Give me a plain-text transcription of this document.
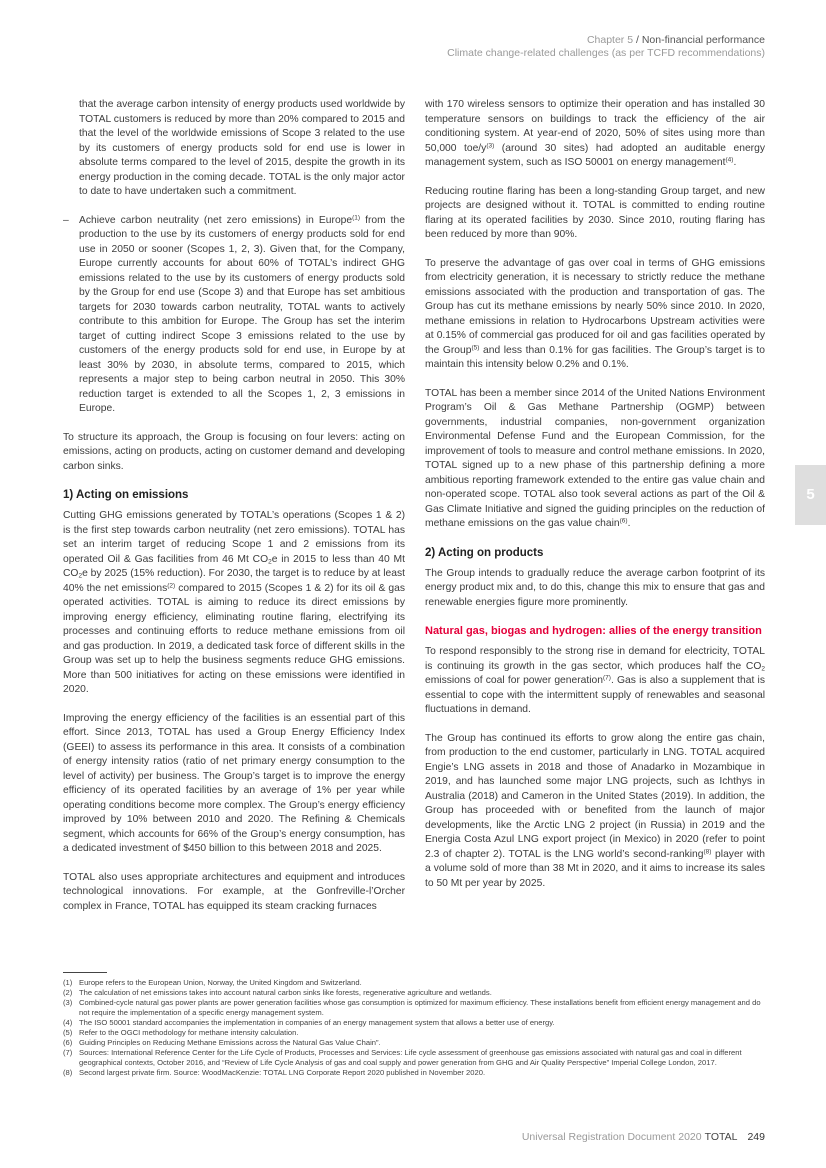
Chapter 5 / Non-financial performance
Climate change-related challenges (as per TCFD recommendations)

that the average carbon intensity of energy products used worldwide by TOTAL customers is reduced by more than 20% compared to 2015 and that the level of the worldwide emissions of Scope 3 related to the use by its customers of energy products sold for end use is lower in absolute terms compared to the level of 2015, despite the growth in its energy production in the coming decade. TOTAL is the only major actor to date to have undertaken such a commitment.

– Achieve carbon neutrality (net zero emissions) in Europe$^{(1)}$ from the production to the use by its customers of energy products sold for end use in 2050 or sooner (Scopes 1, 2, 3). Given that, for the Company, Europe currently accounts for about 60% of TOTAL’s indirect GHG emissions related to the use by its customers of energy products sold by the Group for end use (Scope 3) and that Europe has set ambitious targets for 2030 towards carbon neutrality, TOTAL wants to actively contribute to this ambition for Europe. The Group has set the interim target of cutting indirect Scope 3 emissions related to the use by customers of the energy products sold for end use, in Europe by at least 30% by 2030, in absolute terms, compared to 2015, which represents a major step to being carbon neutral in 2050. This 30% reduction target is extended to all the Scopes 1, 2, 3 emissions in Europe.

To structure its approach, the Group is focusing on four levers: acting on emissions, acting on products, acting on customer demand and developing carbon sinks.

1) Acting on emissions

Cutting GHG emissions generated by TOTAL’s operations (Scopes 1 & 2) is the first step towards carbon neutrality (net zero emissions). TOTAL has set an interim target of reducing Scope 1 and 2 emissions from its operated Oil & Gas facilities from 46 Mt $CO_2e$ in 2015 to less than 40 Mt $CO_2e$ by 2025 (15% reduction). For 2030, the target is to reduce by at least 40% the net emissions$^{(2)}$ compared to 2015 (Scopes 1 & 2) for its oil & gas operated activities. TOTAL is aiming to reduce its direct emissions by improving energy efficiency, eliminating routine flaring, electrifying its processes and continuing efforts to reduce methane emissions from oil and gas production. In 2019, a dedicated task force of different skills in the Group was set up to help the business segments reduce GHG emissions. More than 500 initiatives for acting on these emissions were identified in 2020.

Improving the energy efficiency of the facilities is an essential part of this effort. Since 2013, TOTAL has used a Group Energy Efficiency Index (GEEI) to assess its performance in this area. It consists of a combination of energy intensity ratios (ratio of net primary energy consumption to the level of activity) per business. The Group’s target is to improve the energy efficiency of its operated facilities by an average of 1% per year while operating conditions become more complex. The Group’s energy efficiency improved by 10% between 2010 and 2020. The Refining & Chemicals segment, which accounts for 66% of the Group’s energy consumption, has a dedicated investment of $450 billion to this between 2018 and 2025.

TOTAL also uses appropriate architectures and equipment and introduces technological innovations. For example, at the Gonfreville-l’Orcher complex in France, TOTAL has equipped its steam cracking furnaces

with 170 wireless sensors to optimize their operation and has installed 30 temperature sensors on buildings to track the efficiency of the air conditioning system. At year-end of 2020, 50% of sites using more than 50,000 toe/$y^{(3)}$ (around 30 sites) had adopted an auditable energy management system, such as ISO 50001 on energy management$^{(4)}$.

Reducing routine flaring has been a long-standing Group target, and new projects are designed without it. TOTAL is committed to ending routine flaring at its operated facilities by 2030. Since 2010, routing flaring has been reduced by more than 90%.

To preserve the advantage of gas over coal in terms of GHG emissions from electricity generation, it is necessary to strictly reduce the methane emissions associated with the production and transportation of gas. The Group has cut its methane emissions by nearly 50% since 2010. In 2020, methane emissions in relation to Hydrocarbons Upstream activities were at 0.15% of commercial gas produced for oil and gas facilities operated by the Group$^{(5)}$ and less than 0.1% for gas facilities. The Group’s target is to maintain this intensity below 0.2% and 0.1%.

TOTAL has been a member since 2014 of the United Nations Environment Program’s Oil & Gas Methane Partnership (OGMP) between governments, industrial companies, non-government organization Environmental Defense Fund and the European Commission, for the improvement of tools to measure and control methane emissions. In 2020, TOTAL signed up to a new phase of this partnership defining a more ambitious reporting framework extended to the entire gas value chain and non-operated scope. TOTAL also took several actions as part of the Oil & Gas Climate Initiative and signed the guiding principles on the reduction of methane emissions on the gas value chain$^{(6)}$.

2) Acting on products

The Group intends to gradually reduce the average carbon footprint of its energy product mix and, to do this, change this mix to ensure that gas and renewable energies figure more prominently.

Natural gas, biogas and hydrogen: allies of the energy transition

To respond responsibly to the strong rise in demand for electricity, TOTAL is continuing its growth in the gas sector, which produces half the $CO_2$ emissions of coal for power generation$^{(7)}$. Gas is also a supplement that is essential to cope with the intermittent supply of renewables and seasonal fluctuations in demand.

The Group has continued its efforts to grow along the entire gas chain, from production to the end customer, particularly in LNG. TOTAL acquired Engie’s LNG assets in 2018 and those of Anadarko in Mozambique in 2019, and has launched some major LNG projects, such as Ichthys in Australia (2018) and Cameron in the United States (2019). In addition, the Group has proceeded with or benefited from the launch of major developments, like the Arctic LNG 2 project (in Russia) in 2019 and the Energia Costa Azul LNG export project (in Mexico) in 2020 (refer to point 2.3 of chapter 2). TOTAL is the LNG world’s second-ranking$^{(8)}$ player with a volume sold of more than 38 Mt in 2020, and it aims to increase its sales to 50 Mt per year by 2025.

5
(1) Europe refers to the European Union, Norway, the United Kingdom and Switzerland.
(2) The calculation of net emissions takes into account natural carbon sinks like forests, regenerative agriculture and wetlands.
(3) Combined-cycle natural gas power plants are power generation facilities whose gas consumption is optimized for maximum efficiency. These installations benefit from efficient energy management and do not require the implementation of a specific energy management system.
(4) The ISO 50001 standard accompanies the implementation in companies of an energy management system that allows a better use of energy.
(5) Refer to the OGCI methodology for methane intensity calculation.
(6) Guiding Principles on Reducing Methane Emissions across the Natural Gas Value Chain”.
(7) Sources: International Reference Center for the Life Cycle of Products, Processes and Services: Life cycle assessment of greenhouse gas emissions associated with natural gas and coal in different geographical contexts, October 2016, and “Review of Life Cycle Analysis of gas and coal supply and power generation from GHG and Air Quality Perspective” Imperial College London, 2017.
(8) Second largest private firm. Source: WoodMacKenzie: TOTAL LNG Corporate Report 2020 published in November 2020.
Universal Registration Document 2020 TOTAL 249
